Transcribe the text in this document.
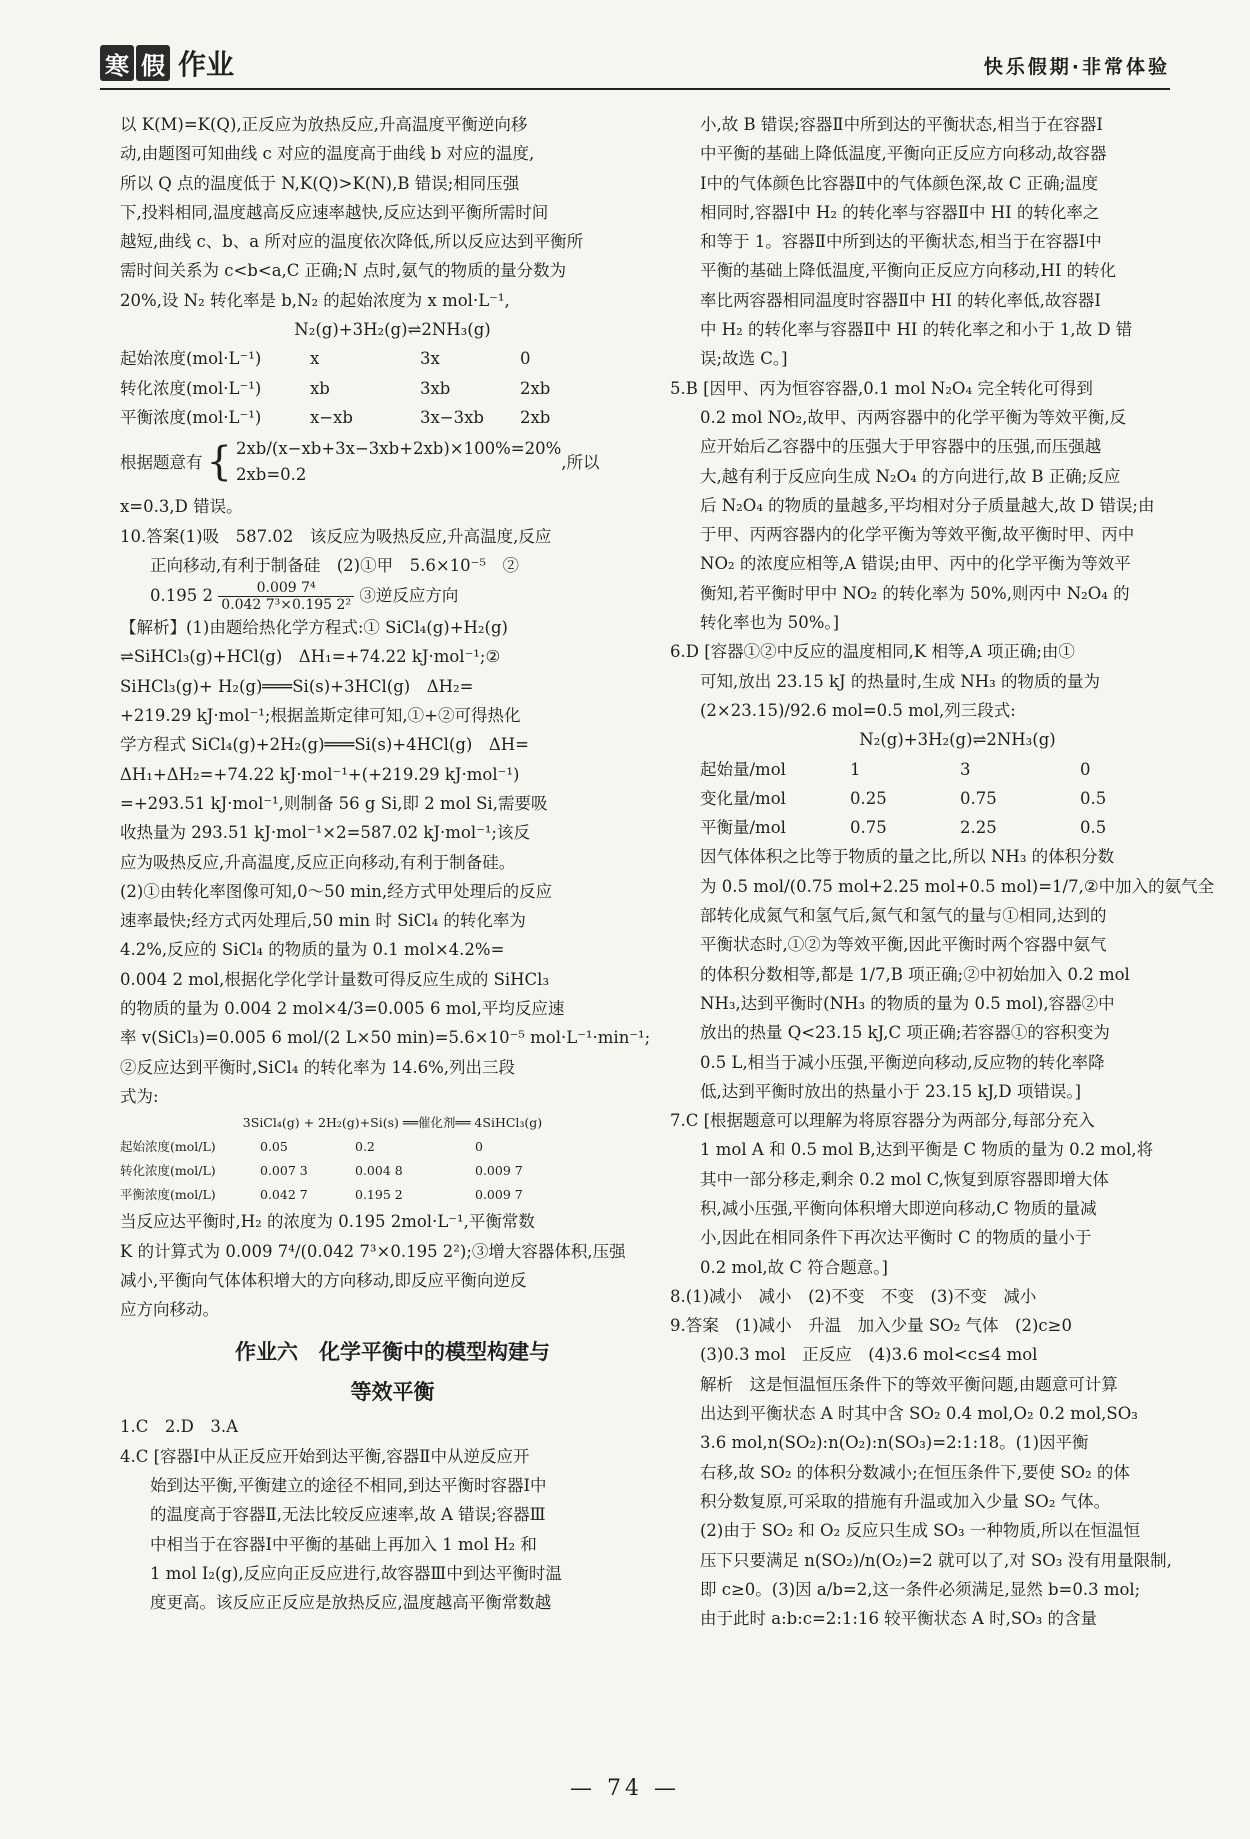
寒 假 作业	快乐假期·非常体验

以 K(M)=K(Q),正反应为放热反应,升高温度平衡逆向移

动,由题图可知曲线 c 对应的温度高于曲线 b 对应的温度,

所以 Q 点的温度低于 N,K(Q)>K(N),B 错误;相同压强

下,投料相同,温度越高反应速率越快,反应达到平衡所需时间

越短,曲线 c、b、a 所对应的温度依次降低,所以反应达到平衡所

需时间关系为 c<b<a,C 正确;N 点时,氨气的物质的量分数为

20%,设 N₂ 转化率是 b,N₂ 的起始浓度为 x mol·L⁻¹,

N₂(g)+3H₂(g)⇌2NH₃(g)

起始浓度(mol·L⁻¹)	x	3x	0
转化浓度(mol·L⁻¹)	xb	3xb	2xb
平衡浓度(mol·L⁻¹)	x−xb	3x−3xb	2xb
根据题意有 { 2xb/(x−xb+3x−3xb+2xb)×100%=20%
2xb=0.2
,所以

x=0.3,D 错误。

10.答案(1)吸　587.02　该反应为吸热反应,升高温度,反应

正向移动,有利于制备硅　(2)①甲　5.6×10⁻⁵　②

0.195 $2 \frac{\text{0.009 7⁴}}{\text{0.042 7³×0.195 2²}}$ ③逆反应方向

【解析】(1)由题给热化学方程式:① SiCl₄(g)+H₂(g)

⇌SiHCl₃(g)+HCl(g)　ΔH₁=+74.22 kJ·mol⁻¹;②

SiHCl₃(g)+ H₂(g)═══Si(s)+3HCl(g)　ΔH₂=

+219.29 kJ·mol⁻¹;根据盖斯定律可知,①+②可得热化

学方程式 SiCl₄(g)+2H₂(g)═══Si(s)+4HCl(g)　ΔH=

ΔH₁+ΔH₂=+74.22 kJ·mol⁻¹+(+219.29 kJ·mol⁻¹)

=+293.51 kJ·mol⁻¹,则制备 56 g Si,即 2 mol Si,需要吸

收热量为 293.51 kJ·mol⁻¹×2=587.02 kJ·mol⁻¹;该反

应为吸热反应,升高温度,反应正向移动,有利于制备硅。

(2)①由转化率图像可知,0～50 min,经方式甲处理后的反应

速率最快;经方式丙处理后,50 min 时 SiCl₄ 的转化率为

4.2%,反应的 SiCl₄ 的物质的量为 0.1 mol×4.2%=

0.004 2 mol,根据化学化学计量数可得反应生成的 SiHCl₃

的物质的量为 0.004 2 mol×4/3=0.005 6 mol,平均反应速

率 v(SiCl₃)=0.005 6 mol/(2 L×50 min)=5.6×10⁻⁵ mol·L⁻¹·min⁻¹;

②反应达到平衡时,SiCl₄ 的转化率为 14.6%,列出三段

式为:

3SiCl₄(g) + 2H₂(g)+Si(s) ══催化剂══ 4SiHCl₃(g)

起始浓度(mol/L)	0.05	0.2	0
转化浓度(mol/L)	0.007 3	0.004 8	0.009 7
平衡浓度(mol/L)	0.042 7	0.195 2	0.009 7

当反应达平衡时,H₂ 的浓度为 0.195 2mol·L⁻¹,平衡常数

K 的计算式为 0.009 7⁴/(0.042 7³×0.195 2²);③增大容器体积,压强

减小,平衡向气体体积增大的方向移动,即反应平衡向逆反

应方向移动。

作业六　化学平衡中的模型构建与

等效平衡

1.C　2.D　3.A

4.C [容器Ⅰ中从正反应开始到达平衡,容器Ⅱ中从逆反应开

始到达平衡,平衡建立的途径不相同,到达平衡时容器Ⅰ中

的温度高于容器Ⅱ,无法比较反应速率,故 A 错误;容器Ⅲ

中相当于在容器Ⅰ中平衡的基础上再加入 1 mol H₂ 和

1 mol I₂(g),反应向正反应进行,故容器Ⅲ中到达平衡时温

度更高。该反应正反应是放热反应,温度越高平衡常数越

小,故 B 错误;容器Ⅱ中所到达的平衡状态,相当于在容器Ⅰ

中平衡的基础上降低温度,平衡向正反应方向移动,故容器

Ⅰ中的气体颜色比容器Ⅱ中的气体颜色深,故 C 正确;温度

相同时,容器Ⅰ中 H₂ 的转化率与容器Ⅱ中 HI 的转化率之

和等于 1。容器Ⅱ中所到达的平衡状态,相当于在容器Ⅰ中

平衡的基础上降低温度,平衡向正反应方向移动,HI 的转化

率比两容器相同温度时容器Ⅱ中 HI 的转化率低,故容器Ⅰ

中 H₂ 的转化率与容器Ⅱ中 HI 的转化率之和小于 1,故 D 错

误;故选 C。]

5.B [因甲、丙为恒容容器,0.1 mol N₂O₄ 完全转化可得到

0.2 mol NO₂,故甲、丙两容器中的化学平衡为等效平衡,反

应开始后乙容器中的压强大于甲容器中的压强,而压强越

大,越有利于反应向生成 N₂O₄ 的方向进行,故 B 正确;反应

后 N₂O₄ 的物质的量越多,平均相对分子质量越大,故 D 错误;由

于甲、丙两容器内的化学平衡为等效平衡,故平衡时甲、丙中

NO₂ 的浓度应相等,A 错误;由甲、丙中的化学平衡为等效平

衡知,若平衡时甲中 NO₂ 的转化率为 50%,则丙中 N₂O₄ 的

转化率也为 50%。]

6.D [容器①②中反应的温度相同,K 相等,A 项正确;由①

可知,放出 23.15 kJ 的热量时,生成 NH₃ 的物质的量为

(2×23.15)/92.6 mol=0.5 mol,列三段式:

N₂(g)+3H₂(g)⇌2NH₃(g)

起始量/mol	1	3	0
变化量/mol	0.25	0.75	0.5
平衡量/mol	0.75	2.25	0.5

因气体体积之比等于物质的量之比,所以 NH₃ 的体积分数

为 0.5 mol/(0.75 mol+2.25 mol+0.5 mol)=1/7,②中加入的氨气全

部转化成氮气和氢气后,氮气和氢气的量与①相同,达到的

平衡状态时,①②为等效平衡,因此平衡时两个容器中氨气

的体积分数相等,都是 1/7,B 项正确;②中初始加入 0.2 mol

NH₃,达到平衡时(NH₃ 的物质的量为 0.5 mol),容器②中

放出的热量 Q<23.15 kJ,C 项正确;若容器①的容积变为

0.5 L,相当于减小压强,平衡逆向移动,反应物的转化率降

低,达到平衡时放出的热量小于 23.15 kJ,D 项错误。]

7.C [根据题意可以理解为将原容器分为两部分,每部分充入

1 mol A 和 0.5 mol B,达到平衡是 C 物质的量为 0.2 mol,将

其中一部分移走,剩余 0.2 mol C,恢复到原容器即增大体

积,减小压强,平衡向体积增大即逆向移动,C 物质的量减

小,因此在相同条件下再次达平衡时 C 的物质的量小于

0.2 mol,故 C 符合题意。]

8.(1)减小　减小　(2)不变　不变　(3)不变　减小

9.答案　(1)减小　升温　加入少量 SO₂ 气体　(2)c≥0

(3)0.3 mol　正反应　(4)3.6 mol<c≤4 mol

解析　这是恒温恒压条件下的等效平衡问题,由题意可计算

出达到平衡状态 A 时其中含 SO₂ 0.4 mol,O₂ 0.2 mol,SO₃

3.6 mol,n(SO₂):n(O₂):n(SO₃)=2:1:18。(1)因平衡

右移,故 SO₂ 的体积分数减小;在恒压条件下,要使 SO₂ 的体

积分数复原,可采取的措施有升温或加入少量 SO₂ 气体。

(2)由于 SO₂ 和 O₂ 反应只生成 SO₃ 一种物质,所以在恒温恒

压下只要满足 n(SO₂)/n(O₂)=2 就可以了,对 SO₃ 没有用量限制,

即 c≥0。(3)因 a/b=2,这一条件必须满足,显然 b=0.3 mol;

由于此时 a:b:c=2:1:16 较平衡状态 A 时,SO₃ 的含量

— 74 —
